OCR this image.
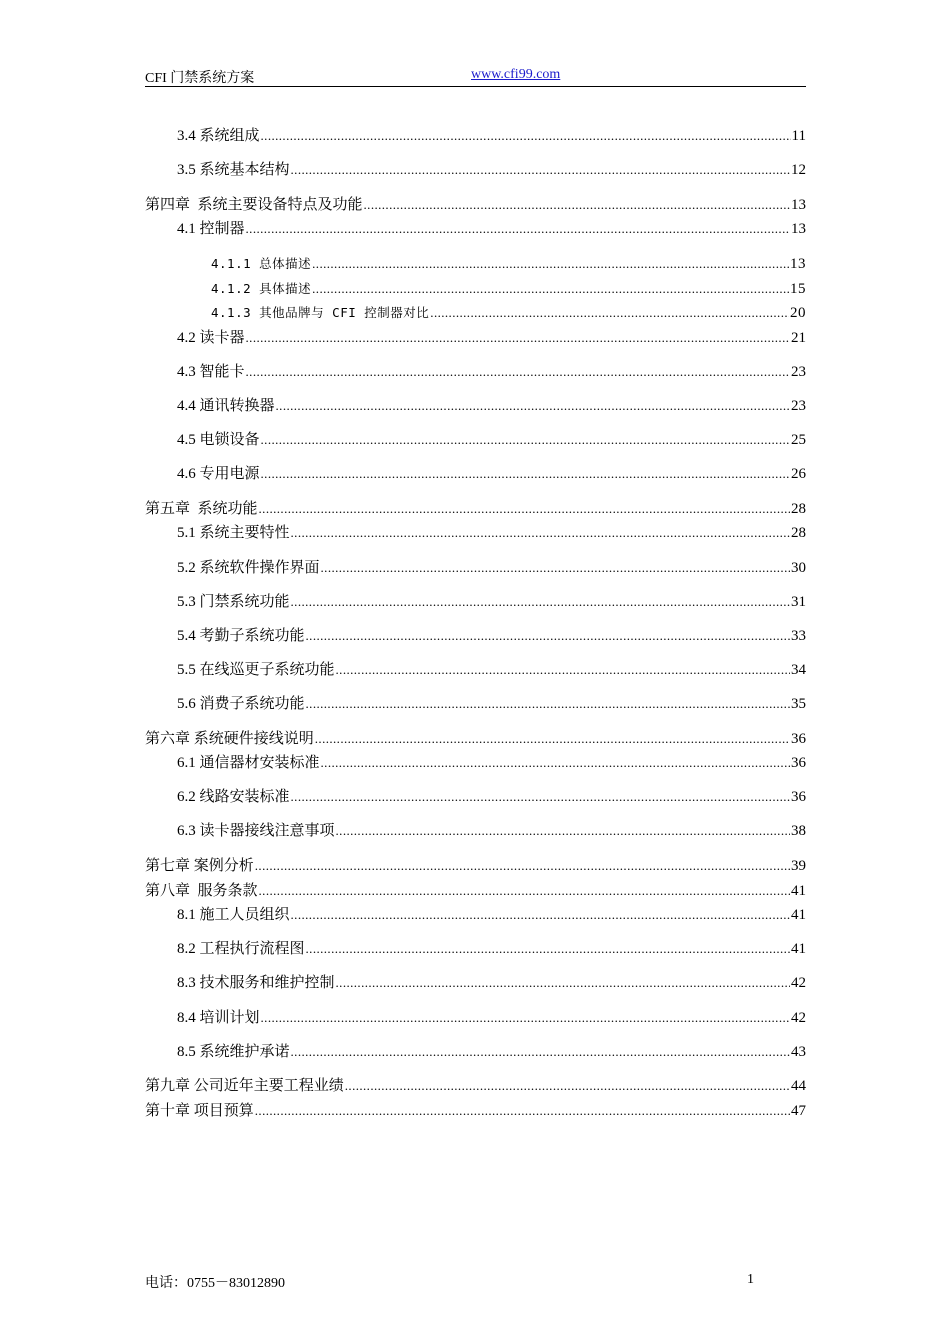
CFI 门禁系统方案	www.cfi99.com
3.4 系统组成 .....	11
3.5 系统基本结构 .....	12
第四章  系统主要设备特点及功能 .....	13
4.1 控制器 .....	13
4.1.1 总体描述 .....	13
4.1.2 具体描述 .....	15
4.1.3 其他品牌与 CFI 控制器对比 .....	20
4.2 读卡器 .....	21
4.3 智能卡 .....	23
4.4 通讯转换器 .....	23
4.5 电锁设备 .....	25
4.6 专用电源 .....	26
第五章  系统功能 .....	28
5.1 系统主要特性 .....	28
5.2 系统软件操作界面 .....	30
5.3 门禁系统功能 .....	31
5.4 考勤子系统功能 .....	33
5.5 在线巡更子系统功能 .....	34
5.6 消费子系统功能 .....	35
第六章 系统硬件接线说明 .....	36
6.1 通信器材安装标准 .....	36
6.2 线路安装标准 .....	36
6.3 读卡器接线注意事项 .....	38
第七章 案例分析 .....	39
第八章  服务条款 .....	41
8.1 施工人员组织 .....	41
8.2 工程执行流程图 .....	41
8.3 技术服务和维护控制 .....	42
8.4 培训计划 .....	42
8.5 系统维护承诺 .....	43
第九章 公司近年主要工程业绩 .....	44
第十章 项目预算 .....	47
电话：0755－83012890	1
